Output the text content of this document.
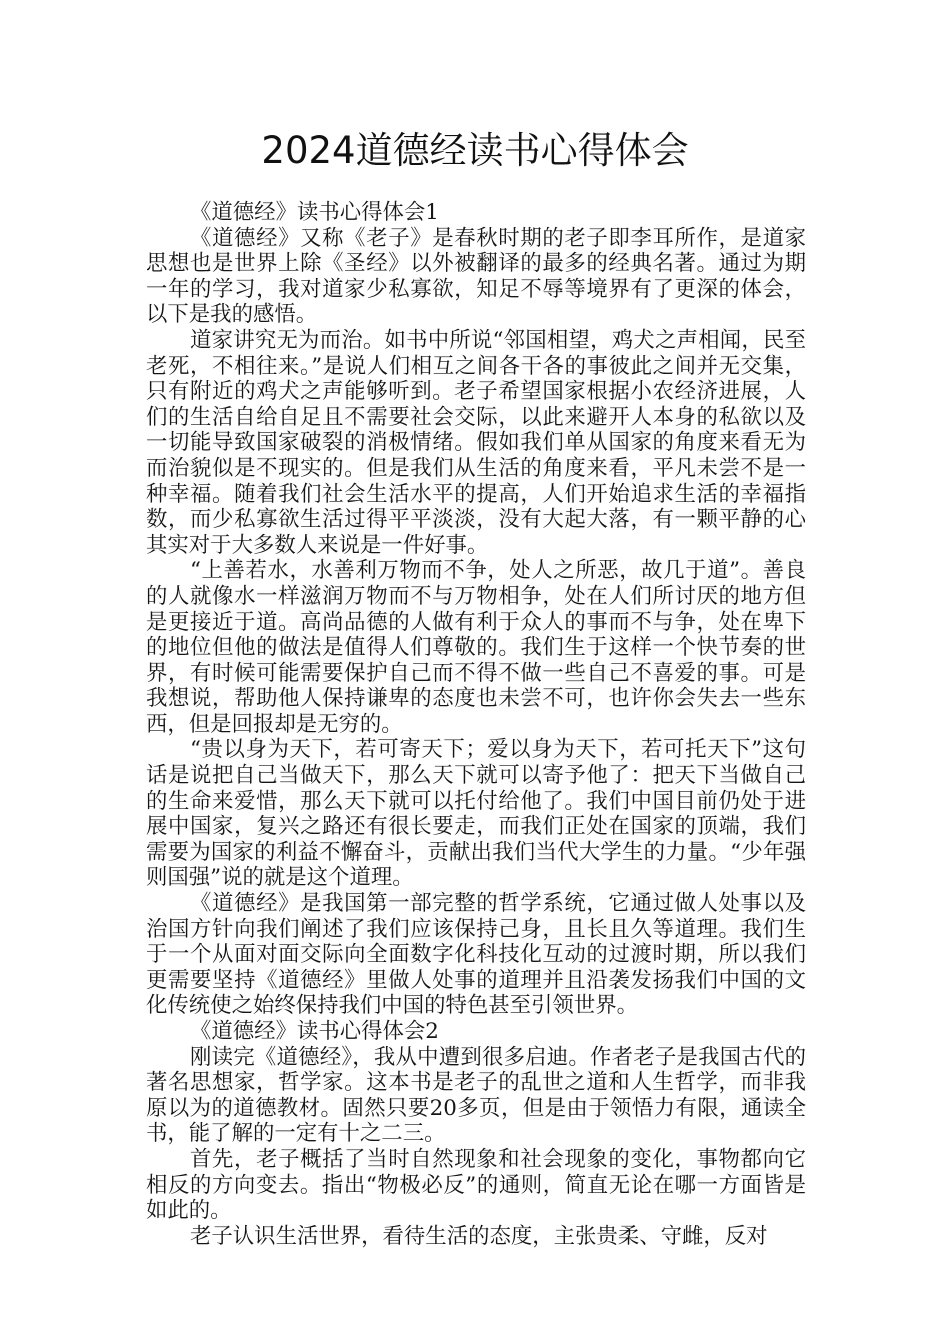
2024道德经读书心得体会

《道德经》读书心得体会1

《道德经》又称《老子》是春秋时期的老子即李耳所作，是道家思想也是世界上除《圣经》以外被翻译的最多的经典名著。通过为期一年的学习，我对道家少私寡欲，知足不辱等境界有了更深的体会，以下是我的感悟。

道家讲究无为而治。如书中所说“邻国相望，鸡犬之声相闻，民至老死，不相往来。”是说人们相互之间各干各的事彼此之间并无交集，只有附近的鸡犬之声能够听到。老子希望国家根据小农经济进展，人们的生活自给自足且不需要社会交际，以此来避开人本身的私欲以及一切能导致国家破裂的消极情绪。假如我们单从国家的角度来看无为而治貌似是不现实的。但是我们从生活的角度来看，平凡未尝不是一种幸福。随着我们社会生活水平的提高，人们开始追求生活的幸福指数，而少私寡欲生活过得平平淡淡，没有大起大落，有一颗平静的心其实对于大多数人来说是一件好事。

“上善若水，水善利万物而不争，处人之所恶，故几于道”。善良的人就像水一样滋润万物而不与万物相争，处在人们所讨厌的地方但是更接近于道。高尚品德的人做有利于众人的事而不与争，处在卑下的地位但他的做法是值得人们尊敬的。我们生于这样一个快节奏的世界，有时候可能需要保护自己而不得不做一些自己不喜爱的事。可是我想说，帮助他人保持谦卑的态度也未尝不可，也许你会失去一些东西，但是回报却是无穷的。

“贵以身为天下，若可寄天下；爱以身为天下，若可托天下”这句话是说把自己当做天下，那么天下就可以寄予他了：把天下当做自己的生命来爱惜，那么天下就可以托付给他了。我们中国目前仍处于进展中国家，复兴之路还有很长要走，而我们正处在国家的顶端，我们需要为国家的利益不懈奋斗，贡献出我们当代大学生的力量。“少年强则国强”说的就是这个道理。

《道德经》是我国第一部完整的哲学系统，它通过做人处事以及治国方针向我们阐述了我们应该保持己身，且长且久等道理。我们生于一个从面对面交际向全面数字化科技化互动的过渡时期，所以我们更需要坚持《道德经》里做人处事的道理并且沿袭发扬我们中国的文化传统使之始终保持我们中国的特色甚至引领世界。

《道德经》读书心得体会2

刚读完《道德经》，我从中遭到很多启迪。作者老子是我国古代的著名思想家，哲学家。这本书是老子的乱世之道和人生哲学，而非我原以为的道德教材。固然只要20多页，但是由于领悟力有限，通读全书，能了解的一定有十之二三。

首先，老子概括了当时自然现象和社会现象的变化，事物都向它相反的方向变去。指出“物极必反”的通则，简直无论在哪一方面皆是如此的。

老子认识生活世界，看待生活的态度，主张贵柔、守雌，反对
